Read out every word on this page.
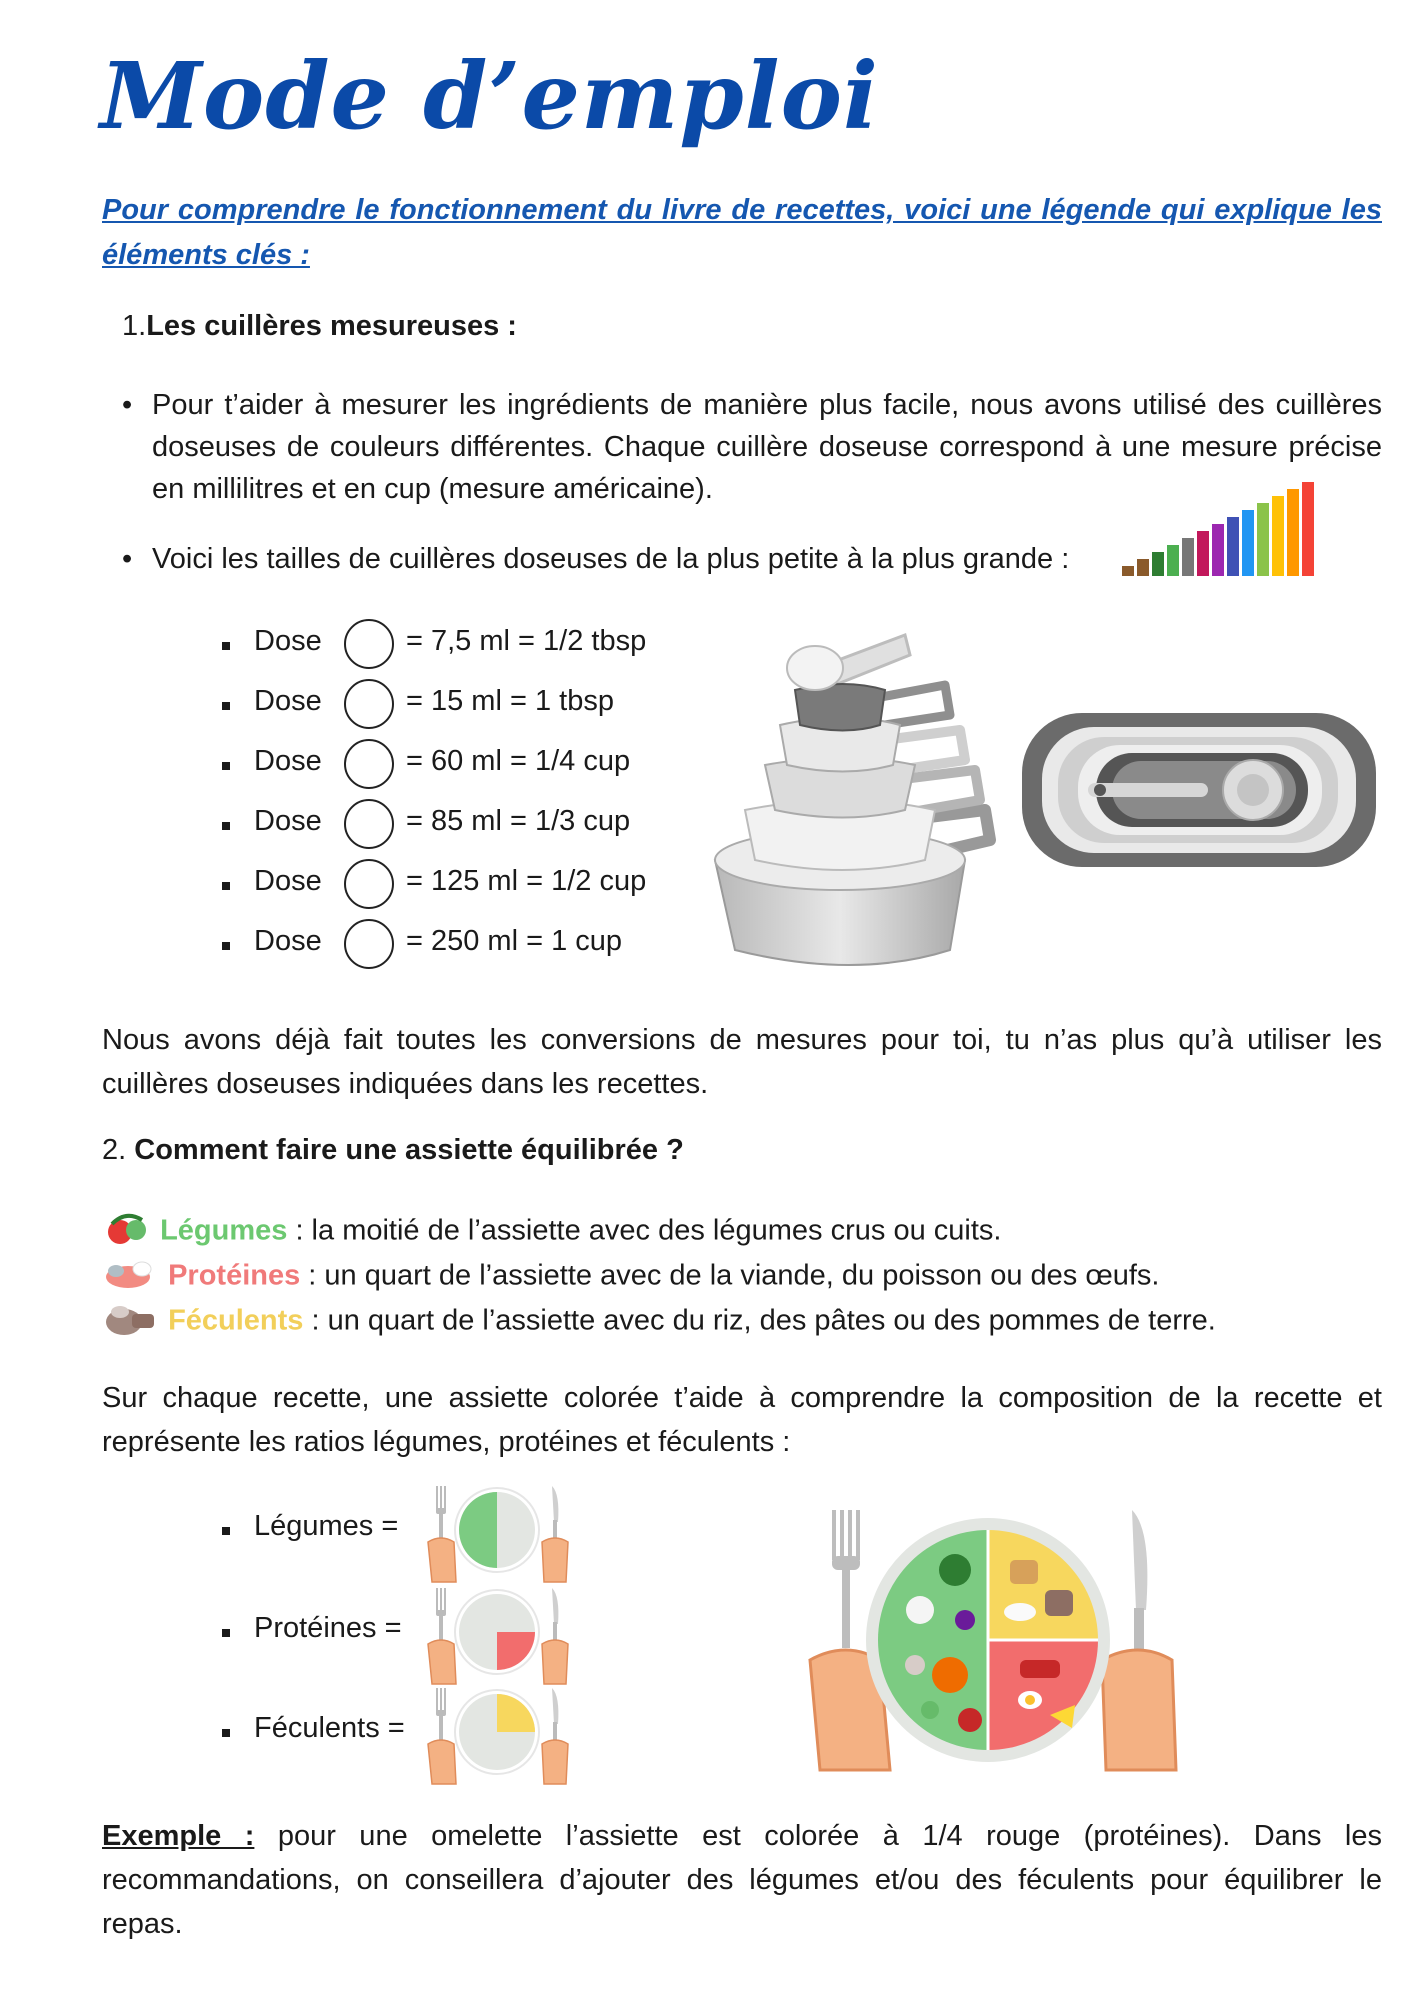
Mode d’emploi
Pour comprendre le fonctionnement du livre de recettes, voici une légende qui explique les éléments clés :
1.Les cuillères mesureuses :
• Pour t’aider à mesurer les ingrédients de manière plus facile, nous avons utilisé des cuillères doseuses de couleurs différentes. Chaque cuillère doseuse correspond à une mesure précise en millilitres et en cup (mesure américaine).
• Voici les tailles de cuillères doseuses de la plus petite à la plus grande :
Dose	= 7,5 ml = 1/2 tbsp
Dose	= 15 ml = 1 tbsp
Dose	= 60 ml = 1/4 cup
Dose	= 85 ml = 1/3 cup
Dose	= 125 ml = 1/2 cup
Dose	= 250 ml = 1 cup
Nous avons déjà fait toutes les conversions de mesures pour toi, tu n’as plus qu’à utiliser les cuillères doseuses indiquées dans les recettes.
2. Comment faire une assiette équilibrée ?
Légumes : la moitié de l’assiette avec des légumes crus ou cuits.
Protéines : un quart de l’assiette avec de la viande, du poisson ou des œufs.
Féculents : un quart de l’assiette avec du riz, des pâtes ou des pommes de terre.
Sur chaque recette, une assiette colorée t’aide à comprendre la composition de la recette et représente les ratios légumes, protéines et féculents :
Légumes =
Protéines =
Féculents =
Exemple : pour une omelette l’assiette est colorée à 1/4 rouge (protéines). Dans les recommandations, on conseillera d’ajouter des légumes et/ou des féculents pour équilibrer le repas.
